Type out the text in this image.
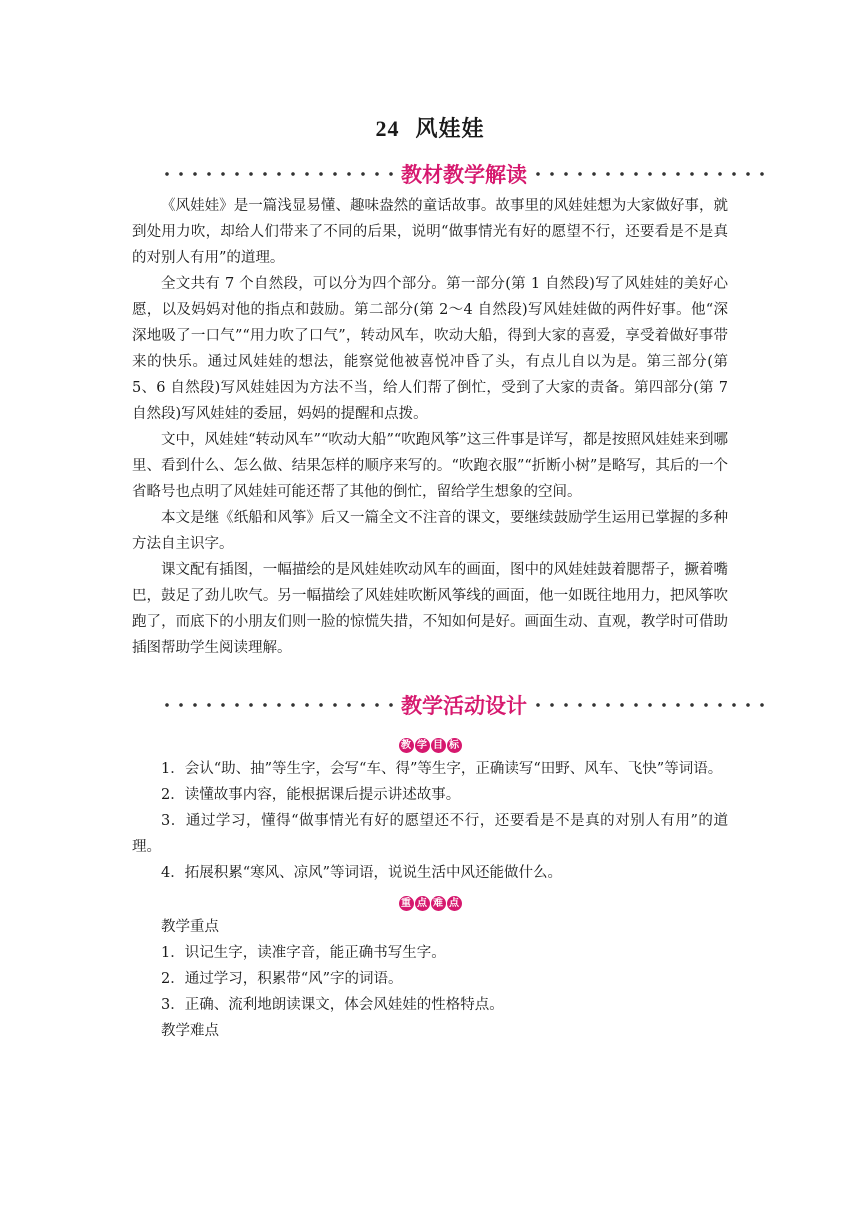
24 风娃娃
教材教学解读

《风娃娃》是一篇浅显易懂、趣味盎然的童话故事。故事里的风娃娃想为大家做好事，就到处用力吹，却给人们带来了不同的后果，说明“做事情光有好的愿望不行，还要看是不是真的对别人有用”的道理。

全文共有 7 个自然段，可以分为四个部分。第一部分(第 1 自然段)写了风娃娃的美好心愿，以及妈妈对他的指点和鼓励。第二部分(第 2～4 自然段)写风娃娃做的两件好事。他“深深地吸了一口气”“用力吹了口气”，转动风车，吹动大船，得到大家的喜爱，享受着做好事带来的快乐。通过风娃娃的想法，能察觉他被喜悦冲昏了头，有点儿自以为是。第三部分(第 5、6 自然段)写风娃娃因为方法不当，给人们帮了倒忙，受到了大家的责备。第四部分(第 7 自然段)写风娃娃的委屈，妈妈的提醒和点拨。

文中，风娃娃“转动风车”“吹动大船”“吹跑风筝”这三件事是详写，都是按照风娃娃来到哪里、看到什么、怎么做、结果怎样的顺序来写的。“吹跑衣服”“折断小树”是略写，其后的一个省略号也点明了风娃娃可能还帮了其他的倒忙，留给学生想象的空间。

本文是继《纸船和风筝》后又一篇全文不注音的课文，要继续鼓励学生运用已掌握的多种方法自主识字。

课文配有插图，一幅描绘的是风娃娃吹动风车的画面，图中的风娃娃鼓着腮帮子，撅着嘴巴，鼓足了劲儿吹气。另一幅描绘了风娃娃吹断风筝线的画面，他一如既往地用力，把风筝吹跑了，而底下的小朋友们则一脸的惊慌失措，不知如何是好。画面生动、直观，教学时可借助插图帮助学生阅读理解。

教学活动设计
教 学 目 标

1．会认“助、抽”等生字，会写“车、得”等生字，正确读写“田野、风车、飞快”等词语。

2．读懂故事内容，能根据课后提示讲述故事。

3．通过学习，懂得“做事情光有好的愿望还不行，还要看是不是真的对别人有用”的道理。

4．拓展积累“寒风、凉风”等词语，说说生活中风还能做什么。

重 点 难 点

教学重点

1．识记生字，读准字音，能正确书写生字。

2．通过学习，积累带“风”字的词语。

3．正确、流利地朗读课文，体会风娃娃的性格特点。

教学难点
